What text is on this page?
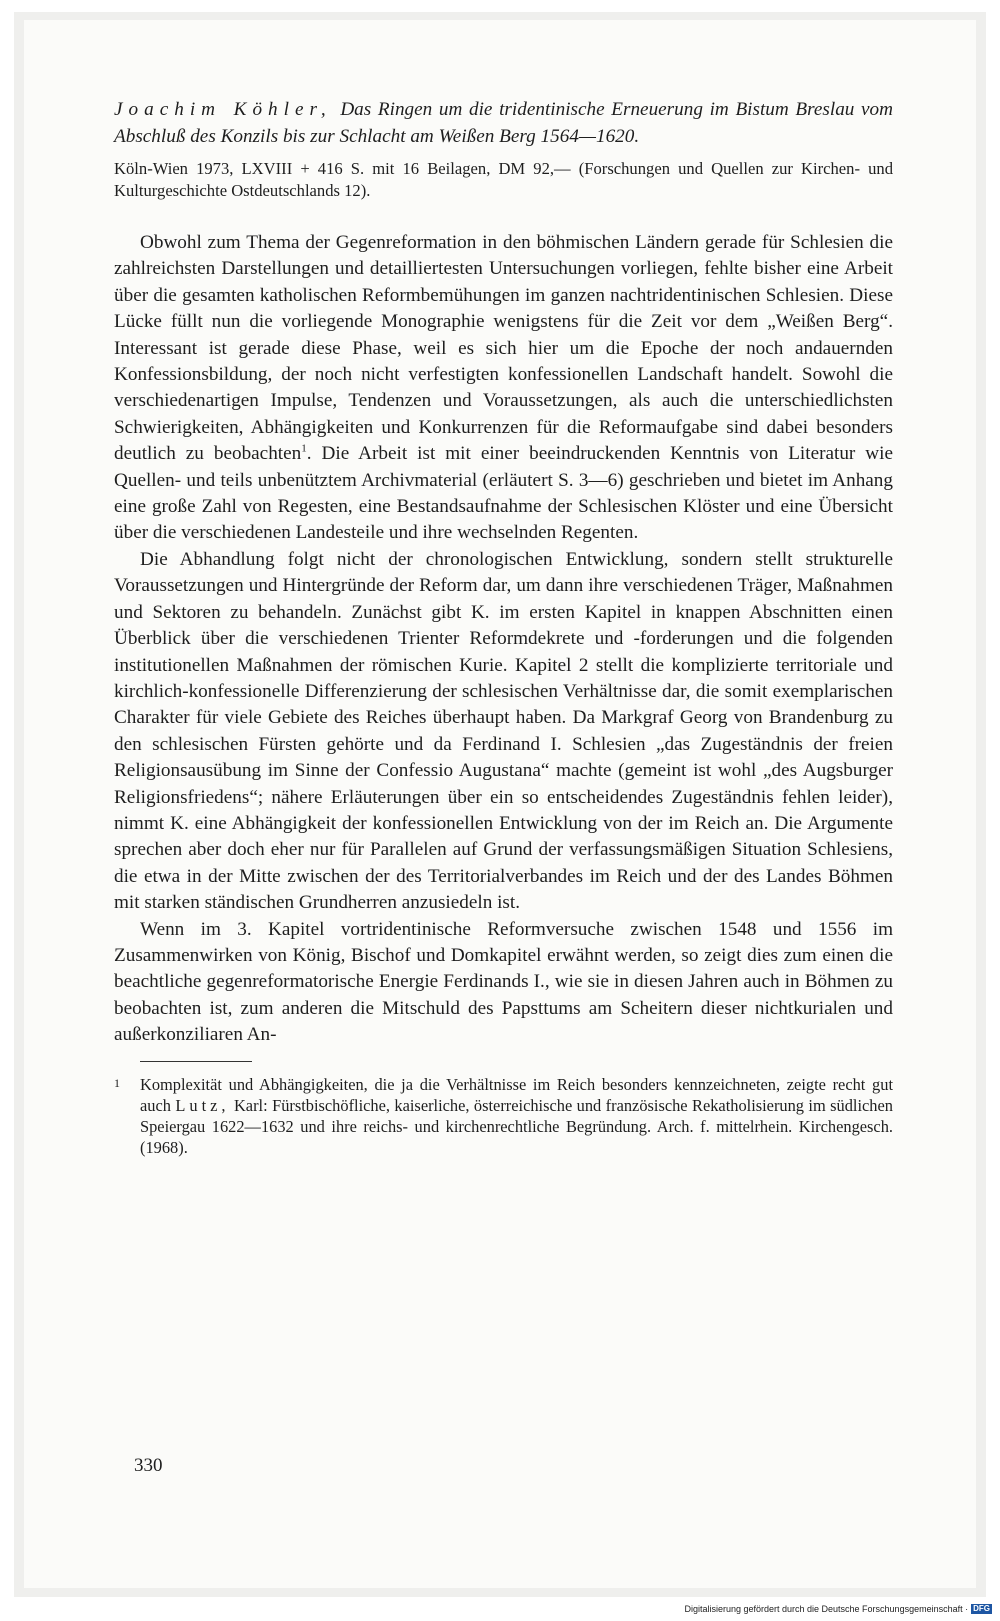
Joachim Köhler, Das Ringen um die tridentinische Erneuerung im Bistum Breslau vom Abschluß des Konzils bis zur Schlacht am Weißen Berg 1564—1620.

Köln-Wien 1973, LXVIII + 416 S. mit 16 Beilagen, DM 92,— (Forschungen und Quellen zur Kirchen- und Kulturgeschichte Ostdeutschlands 12).

Obwohl zum Thema der Gegenreformation in den böhmischen Ländern gerade für Schlesien die zahlreichsten Darstellungen und detailliertesten Untersuchungen vorliegen, fehlte bisher eine Arbeit über die gesamten katholischen Reformbemühungen im ganzen nachtridentinischen Schlesien. Diese Lücke füllt nun die vorliegende Monographie wenigstens für die Zeit vor dem „Weißen Berg“. Interessant ist gerade diese Phase, weil es sich hier um die Epoche der noch andauernden Konfessionsbildung, der noch nicht verfestigten konfessionellen Landschaft handelt. Sowohl die verschiedenartigen Impulse, Tendenzen und Voraussetzungen, als auch die unterschiedlichsten Schwierigkeiten, Abhängigkeiten und Konkurrenzen für die Reformaufgabe sind dabei besonders deutlich zu beobachten$^1$. Die Arbeit ist mit einer beeindruckenden Kenntnis von Literatur wie Quellen- und teils unbenütztem Archivmaterial (erläutert S. 3—6) geschrieben und bietet im Anhang eine große Zahl von Regesten, eine Bestandsaufnahme der Schlesischen Klöster und eine Übersicht über die verschiedenen Landesteile und ihre wechselnden Regenten.

Die Abhandlung folgt nicht der chronologischen Entwicklung, sondern stellt strukturelle Voraussetzungen und Hintergründe der Reform dar, um dann ihre verschiedenen Träger, Maßnahmen und Sektoren zu behandeln. Zunächst gibt K. im ersten Kapitel in knappen Abschnitten einen Überblick über die verschiedenen Trienter Reformdekrete und -forderungen und die folgenden institutionellen Maßnahmen der römischen Kurie. Kapitel 2 stellt die komplizierte territoriale und kirchlich-konfessionelle Differenzierung der schlesischen Verhältnisse dar, die somit exemplarischen Charakter für viele Gebiete des Reiches überhaupt haben. Da Markgraf Georg von Brandenburg zu den schlesischen Fürsten gehörte und da Ferdinand I. Schlesien „das Zugeständnis der freien Religionsausübung im Sinne der Confessio Augustana“ machte (gemeint ist wohl „des Augsburger Religionsfriedens“; nähere Erläuterungen über ein so entscheidendes Zugeständnis fehlen leider), nimmt K. eine Abhängigkeit der konfessionellen Entwicklung von der im Reich an. Die Argumente sprechen aber doch eher nur für Parallelen auf Grund der verfassungsmäßigen Situation Schlesiens, die etwa in der Mitte zwischen der des Territorialverbandes im Reich und der des Landes Böhmen mit starken ständischen Grundherren anzusiedeln ist.

Wenn im 3. Kapitel vortridentinische Reformversuche zwischen 1548 und 1556 im Zusammenwirken von König, Bischof und Domkapitel erwähnt werden, so zeigt dies zum einen die beachtliche gegenreformatorische Energie Ferdinands I., wie sie in diesen Jahren auch in Böhmen zu beobachten ist, zum anderen die Mitschuld des Papsttums am Scheitern dieser nichtkurialen und außerkonziliaren An-

1 Komplexität und Abhängigkeiten, die ja die Verhältnisse im Reich besonders kennzeichneten, zeigte recht gut auch Lutz, Karl: Fürstbischöfliche, kaiserliche, österreichische und französische Rekatholisierung im südlichen Speiergau 1622—1632 und ihre reichs- und kirchenrechtliche Begründung. Arch. f. mittelrhein. Kirchengesch. (1968).
330
Digitalisierung gefördert durch die Deutsche Forschungsgemeinschaft · DFG
